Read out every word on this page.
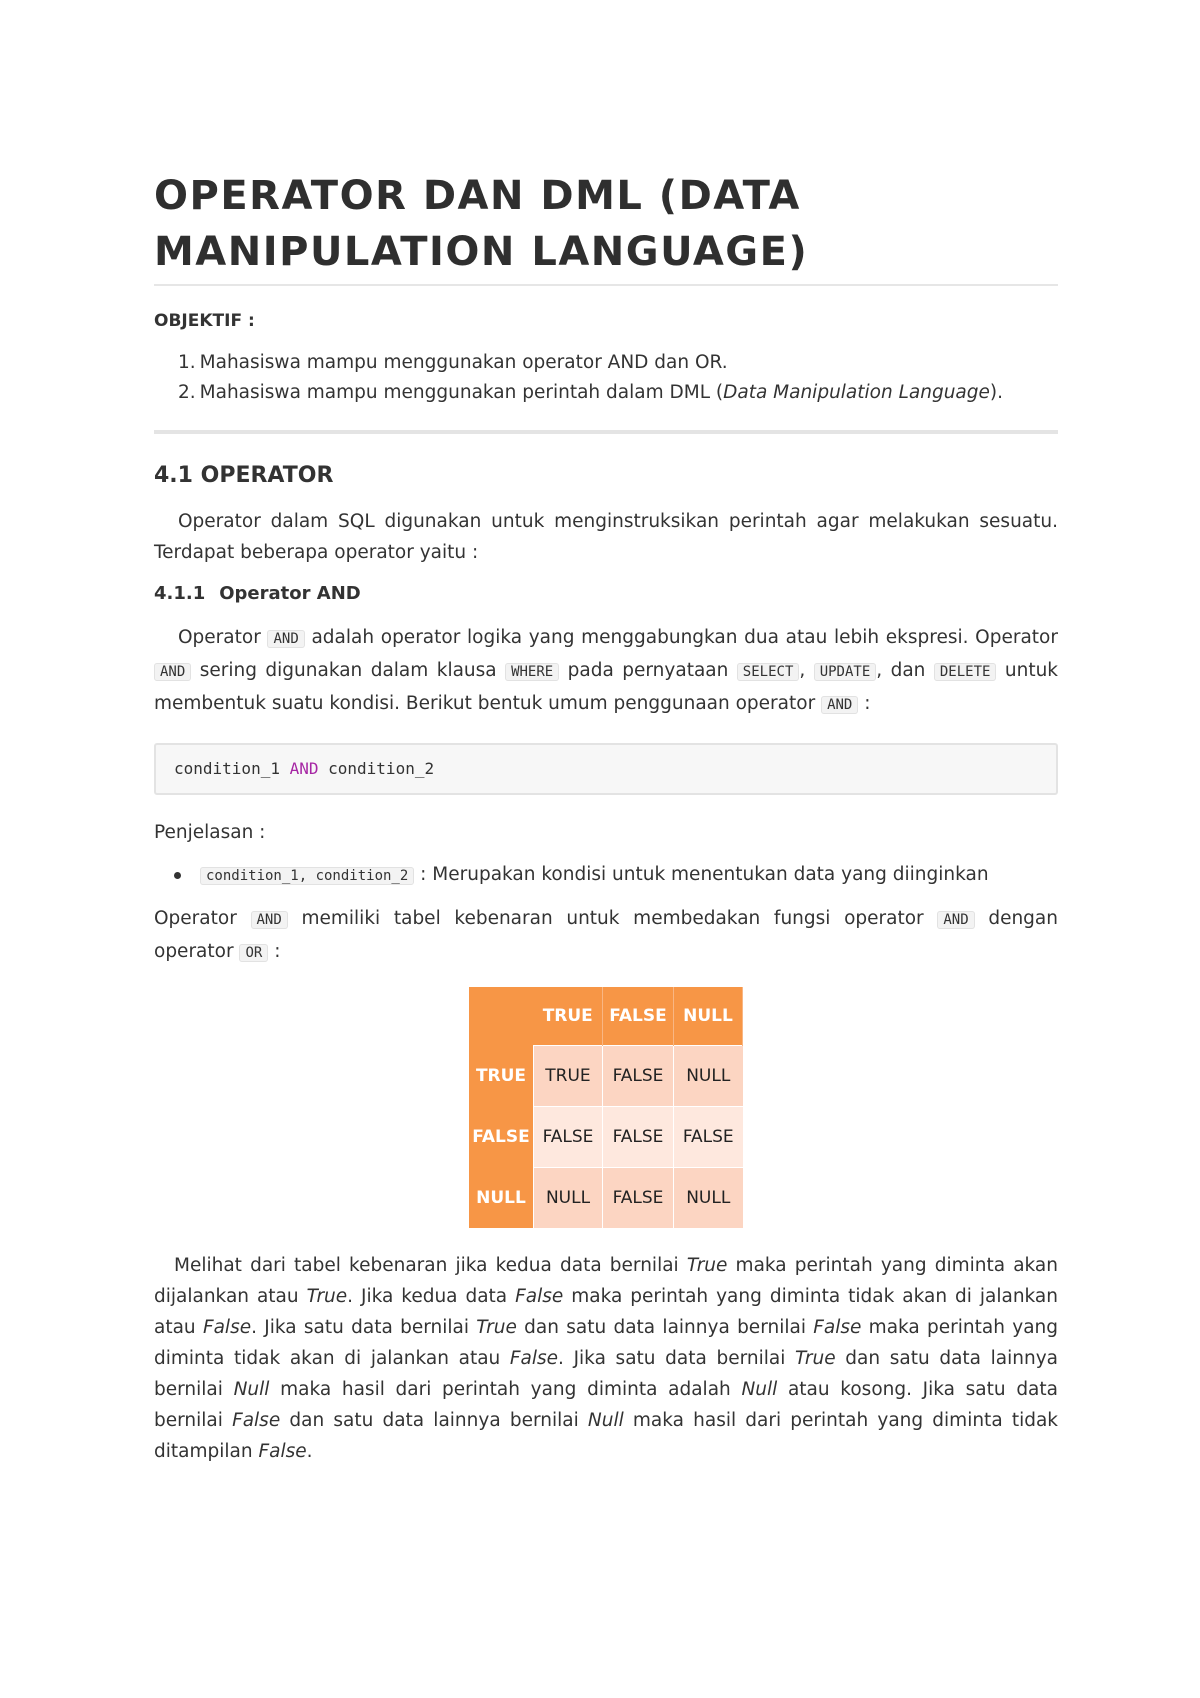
OPERATOR DAN DML (DATA MANIPULATION LANGUAGE)
OBJEKTIF :
1. Mahasiswa mampu menggunakan operator AND dan OR.
2. Mahasiswa mampu menggunakan perintah dalam DML (Data Manipulation Language).
4.1 OPERATOR

Operator dalam SQL digunakan untuk menginstruksikan perintah agar melakukan sesuatu. Terdapat beberapa operator yaitu :

4.1.1 Operator AND

Operator AND adalah operator logika yang menggabungkan dua atau lebih ekspresi. Operator AND sering digunakan dalam klausa WHERE pada pernyataan SELECT , UPDATE , dan DELETE untuk membentuk suatu kondisi. Berikut bentuk umum penggunaan operator AND :

condition_1 AND condition_2

Penjelasan :

condition_1, condition_2 : Merupakan kondisi untuk menentukan data yang diinginkan

Operator AND memiliki tabel kebenaran untuk membedakan fungsi operator AND dengan operator OR :

	TRUE	FALSE	NULL
TRUE	TRUE	FALSE	NULL
FALSE	FALSE	FALSE	FALSE
NULL	NULL	FALSE	NULL

Melihat dari tabel kebenaran jika kedua data bernilai True maka perintah yang diminta akan dijalankan atau True. Jika kedua data False maka perintah yang diminta tidak akan di jalankan atau False. Jika satu data bernilai True dan satu data lainnya bernilai False maka perintah yang diminta tidak akan di jalankan atau False. Jika satu data bernilai True dan satu data lainnya bernilai Null maka hasil dari perintah yang diminta adalah Null atau kosong. Jika satu data bernilai False dan satu data lainnya bernilai Null maka hasil dari perintah yang diminta tidak ditampilan False.
